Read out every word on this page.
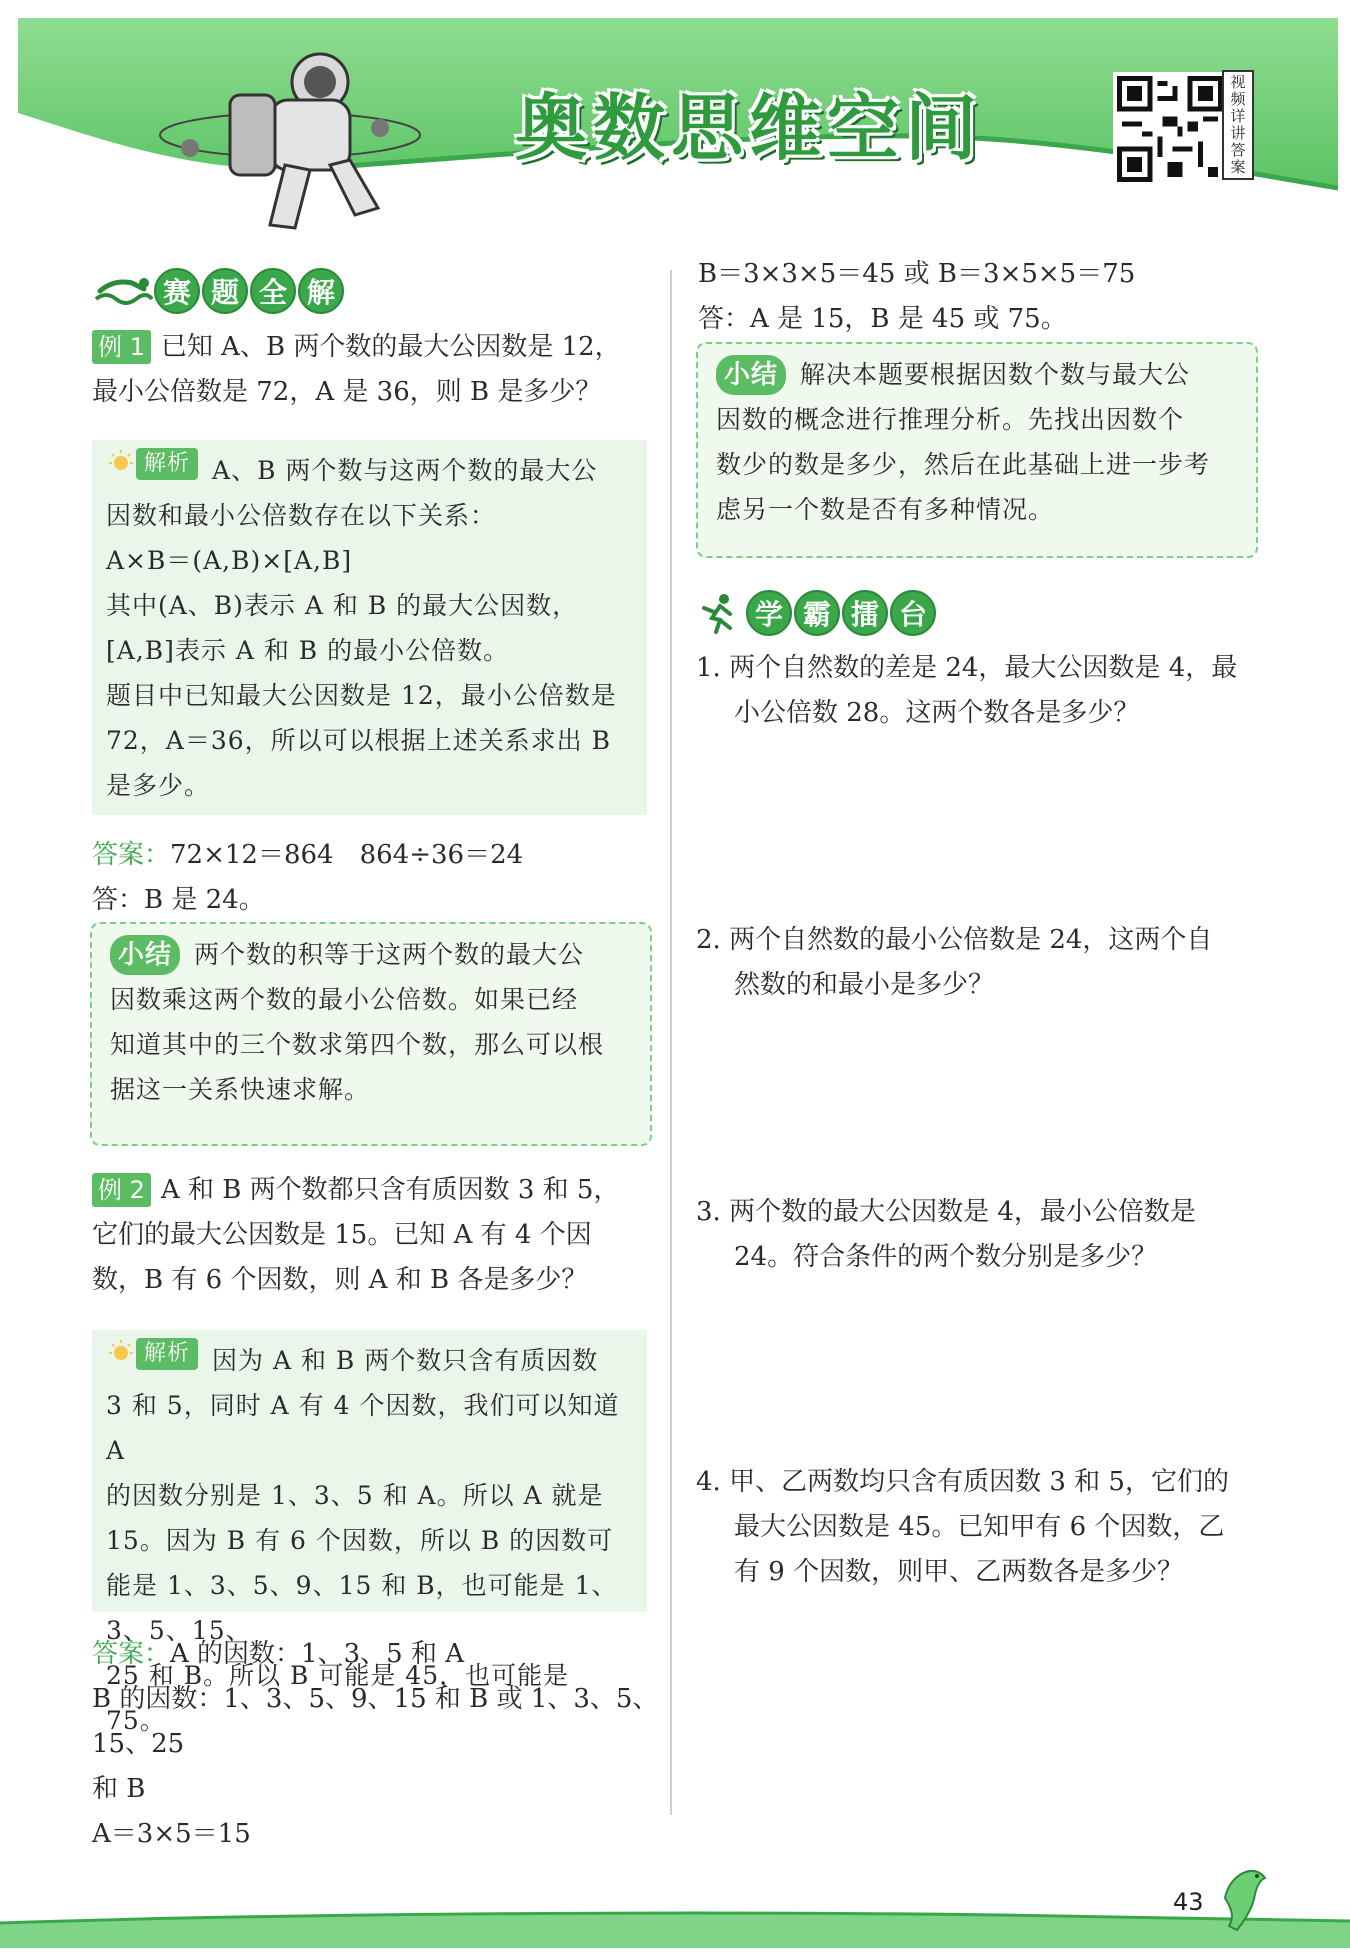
奥数思维空间
视频详讲答案
赛 题 全 解
例 1 已知 A、B 两个数的最大公因数是 12，
最小公倍数是 72，A 是 36，则 B 是多少？
解析 A、B 两个数与这两个数的最大公
因数和最小公倍数存在以下关系：
A×B＝(A,B)×[A,B]
其中(A、B)表示 A 和 B 的最大公因数，
[A,B]表示 A 和 B 的最小公倍数。
题目中已知最大公因数是 12，最小公倍数是
72，A＝36，所以可以根据上述关系求出 B
是多少。
答案：72×12＝864　864÷36＝24
答：B 是 24。
小结 两个数的积等于这两个数的最大公
因数乘这两个数的最小公倍数。如果已经
知道其中的三个数求第四个数，那么可以根
据这一关系快速求解。
例 2 A 和 B 两个数都只含有质因数 3 和 5，
它们的最大公因数是 15。已知 A 有 4 个因
数，B 有 6 个因数，则 A 和 B 各是多少？
解析 因为 A 和 B 两个数只含有质因数
3 和 5，同时 A 有 4 个因数，我们可以知道 A
的因数分别是 1、3、5 和 A。所以 A 就是
15。因为 B 有 6 个因数，所以 B 的因数可
能是 1、3、5、9、15 和 B，也可能是 1、3、5、15、
25 和 B。所以 B 可能是 45，也可能是 75。
答案：A 的因数：1、3、5 和 A
B 的因数：1、3、5、9、15 和 B 或 1、3、5、15、25
和 B
A＝3×5＝15
B＝3×3×5＝45 或 B＝3×5×5＝75
答：A 是 15，B 是 45 或 75。
小结 解决本题要根据因数个数与最大公
因数的概念进行推理分析。先找出因数个
数少的数是多少，然后在此基础上进一步考
虑另一个数是否有多种情况。
学 霸 擂 台
1. 两个自然数的差是 24，最大公因数是 4，最
小公倍数 28。这两个数各是多少？
2. 两个自然数的最小公倍数是 24，这两个自
然数的和最小是多少？
3. 两个数的最大公因数是 4，最小公倍数是
24。符合条件的两个数分别是多少？
4. 甲、乙两数均只含有质因数 3 和 5，它们的
最大公因数是 45。已知甲有 6 个因数，乙
有 9 个因数，则甲、乙两数各是多少？
43
